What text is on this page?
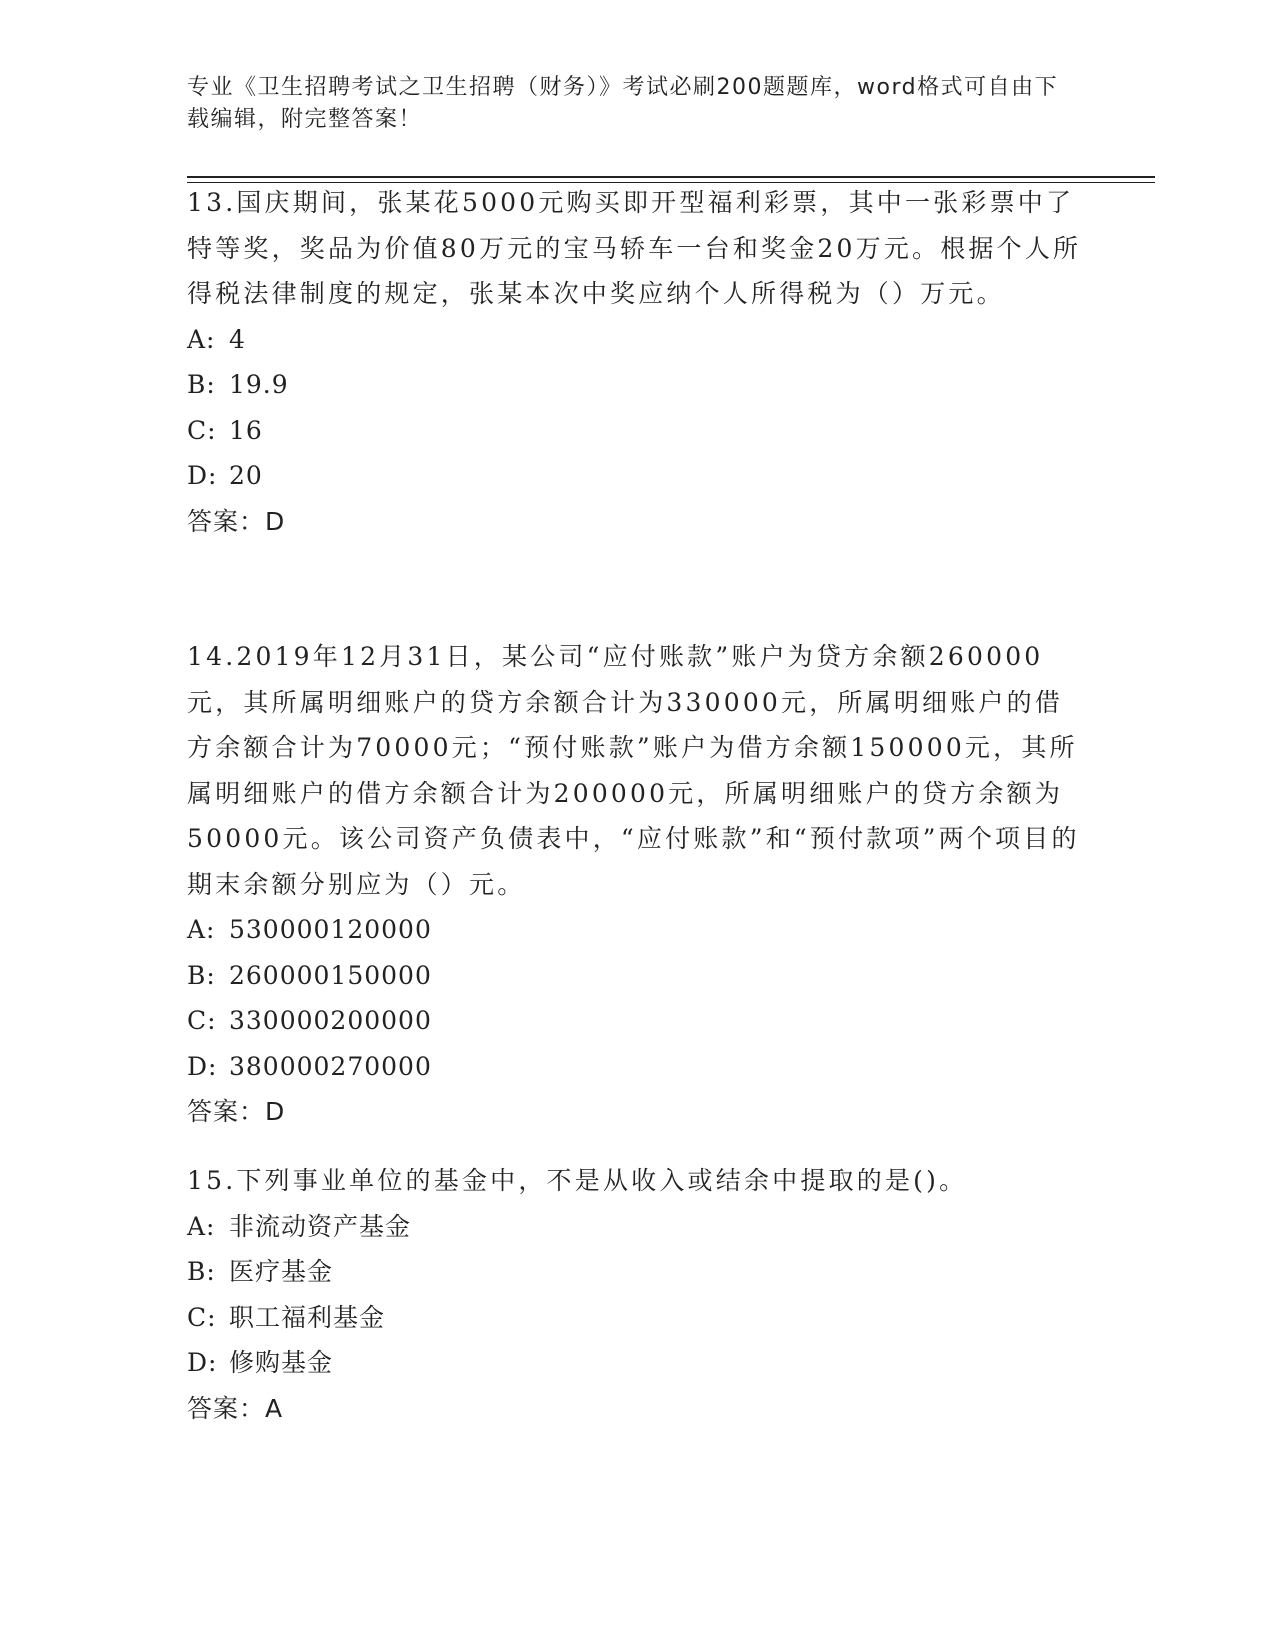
专业《卫生招聘考试之卫生招聘（财务）》考试必刷200题题库，word格式可自由下载编辑，附完整答案！

13.国庆期间，张某花5000元购买即开型福利彩票，其中一张彩票中了特等奖，奖品为价值80万元的宝马轿车一台和奖金20万元。根据个人所得税法律制度的规定，张某本次中奖应纳个人所得税为（）万元。

A: 4

B: 19.9

C: 16

D: 20

答案：D

14.2019年12月31日，某公司“应付账款”账户为贷方余额260000元，其所属明细账户的贷方余额合计为330000元，所属明细账户的借方余额合计为70000元；“预付账款”账户为借方余额150000元，其所属明细账户的借方余额合计为200000元，所属明细账户的贷方余额为50000元。该公司资产负债表中，“应付账款”和“预付款项”两个项目的期末余额分别应为（）元。

A: 530000120000

B: 260000150000

C: 330000200000

D: 380000270000

答案：D

15.下列事业单位的基金中，不是从收入或结余中提取的是()。

A: 非流动资产基金

B: 医疗基金

C: 职工福利基金

D: 修购基金

答案：A
